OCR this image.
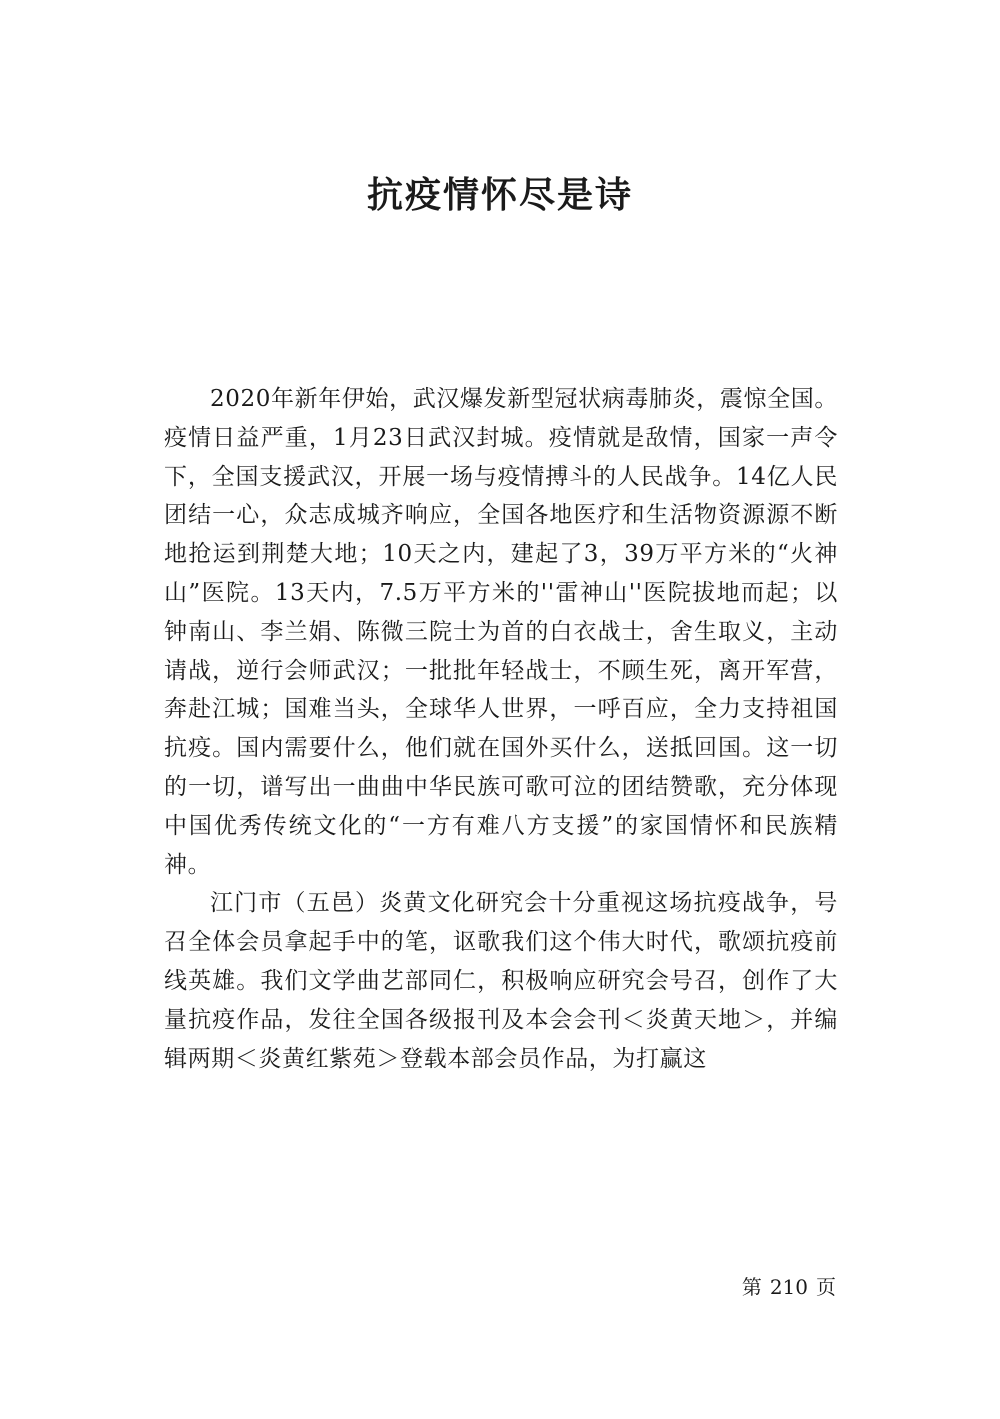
抗疫情怀尽是诗

2020年新年伊始，武汉爆发新型冠状病毒肺炎，震惊全国。疫情日益严重，1月23日武汉封城。疫情就是敌情，国家一声令下，全国支援武汉，开展一场与疫情搏斗的人民战争。14亿人民团结一心，众志成城齐响应，全国各地医疗和生活物资源源不断地抢运到荆楚大地；10天之内，建起了3，39万平方米的“火神山”医院。13天内，7.5万平方米的''雷神山''医院拔地而起；以钟南山、李兰娟、陈微三院士为首的白衣战士，舍生取义，主动请战，逆行会师武汉；一批批年轻战士，不顾生死，离开军营，奔赴江城；国难当头，全球华人世界，一呼百应，全力支持祖国抗疫。国内需要什么，他们就在国外买什么，送抵回国。这一切的一切，谱写出一曲曲中华民族可歌可泣的团结赞歌，充分体现中国优秀传统文化的“一方有难八方支援”的家国情怀和民族精神。

江门市（五邑）炎黄文化研究会十分重视这场抗疫战争，号召全体会员拿起手中的笔，讴歌我们这个伟大时代，歌颂抗疫前线英雄。我们文学曲艺部同仁，积极响应研究会号召，创作了大量抗疫作品，发往全国各级报刊及本会会刊＜炎黄天地＞，并编辑两期＜炎黄红紫苑＞登载本部会员作品，为打赢这

第 210 页
